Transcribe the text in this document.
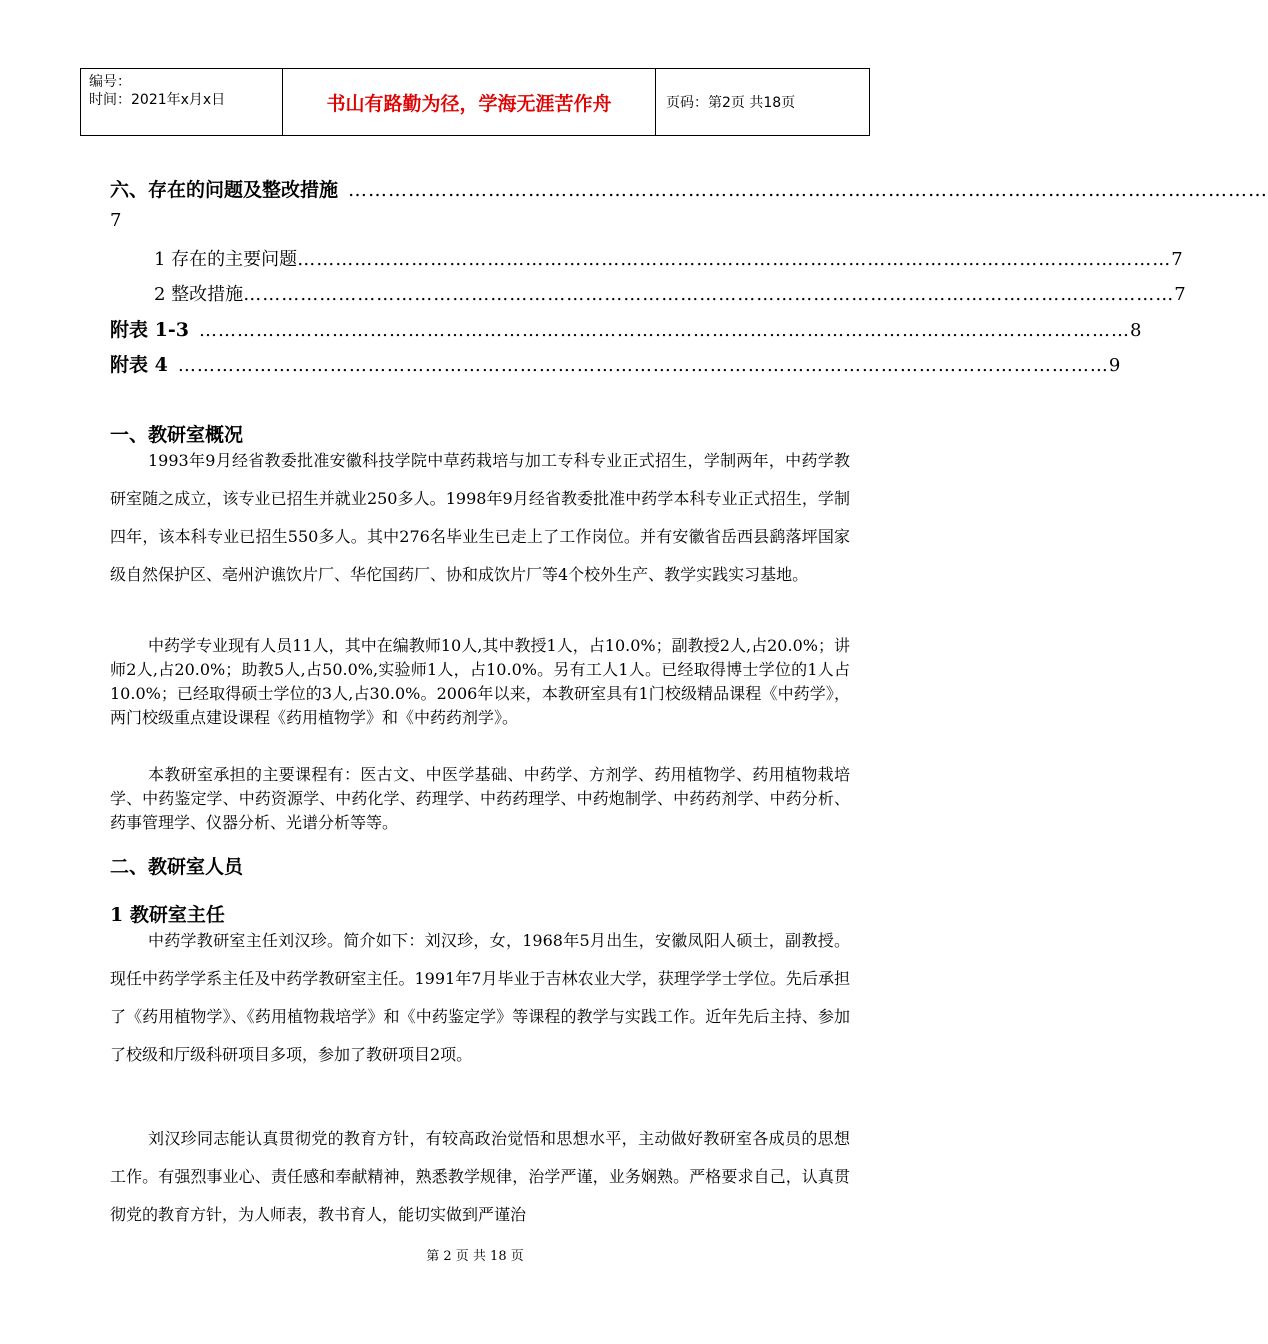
编号：
时间：2021年x月x日	书山有路勤为径，学海无涯苦作舟	页码：第2页 共18页
六、存在的问题及整改措施 …………………………………………………………………………………………………………………………
7
1 存在的主要问题 ………………………………………………………………………………………………………………………… 7
2 整改措施 ………………………………………………………………………………………………………………………………… 7
附表 1-3 ………………………………………………………………………………………………………………………………… 8
附表 4 ………………………………………………………………………………………………………………………………… 9
一、教研室概况
1993年9月经省教委批准安徽科技学院中草药栽培与加工专科专业正式招生，学制两年，中药学教研室随之成立，该专业已招生并就业250多人。1998年9月经省教委批准中药学本科专业正式招生，学制四年，该本科专业已招生550多人。其中276名毕业生已走上了工作岗位。并有安徽省岳西县鹞落坪国家级自然保护区、亳州沪谯饮片厂、华佗国药厂、协和成饮片厂等4个校外生产、教学实践实习基地。
中药学专业现有人员11人，其中在编教师10人,其中教授1人，占10.0%；副教授2人,占20.0%；讲师2人,占20.0%；助教5人,占50.0%,实验师1人，占10.0%。另有工人1人。已经取得博士学位的1人占10.0%；已经取得硕士学位的3人,占30.0%。2006年以来，本教研室具有1门校级精品课程《中药学》，两门校级重点建设课程《药用植物学》和《中药药剂学》。
本教研室承担的主要课程有：医古文、中医学基础、中药学、方剂学、药用植物学、药用植物栽培学、中药鉴定学、中药资源学、中药化学、药理学、中药药理学、中药炮制学、中药药剂学、中药分析、药事管理学、仪器分析、光谱分析等等。
二、教研室人员
1 教研室主任
中药学教研室主任刘汉珍。简介如下：刘汉珍，女，1968年5月出生，安徽凤阳人硕士，副教授。现任中药学学系主任及中药学教研室主任。1991年7月毕业于吉林农业大学，获理学学士学位。先后承担了《药用植物学》、《药用植物栽培学》和《中药鉴定学》等课程的教学与实践工作。近年先后主持、参加了校级和厅级科研项目多项，参加了教研项目2项。
刘汉珍同志能认真贯彻党的教育方针，有较高政治觉悟和思想水平，主动做好教研室各成员的思想工作。有强烈事业心、责任感和奉献精神，熟悉教学规律，治学严谨，业务娴熟。严格要求自己，认真贯彻党的教育方针，为人师表，教书育人，能切实做到严谨治
第 2 页 共 18 页
